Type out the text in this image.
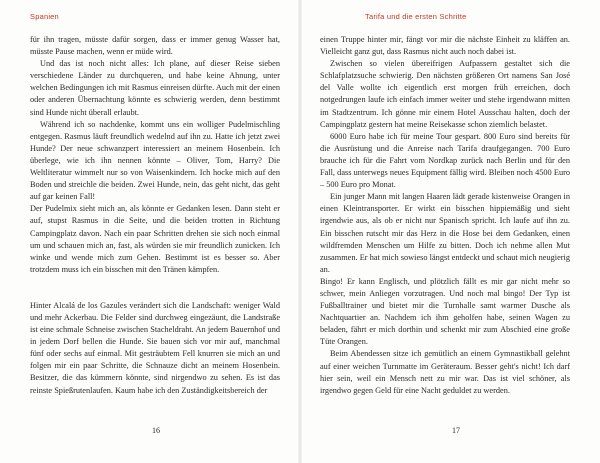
Spanien

für ihn tragen, müsste dafür sorgen, dass er immer genug Wasser hat, müsste Pause machen, wenn er müde wird.

Und das ist noch nicht alles: Ich plane, auf dieser Reise sieben verschiedene Länder zu durchqueren, und habe keine Ahnung, unter welchen Bedingungen ich mit Rasmus einreisen dürfte. Auch mit der einen oder anderen Übernachtung könnte es schwierig werden, denn bestimmt sind Hunde nicht überall erlaubt.

Während ich so nachdenke, kommt uns ein wolliger Pudelmischling entgegen. Rasmus läuft freundlich wedelnd auf ihn zu. Hatte ich jetzt zwei Hunde? Der neue schwanzpert interessiert an meinem Hosenbein. Ich überlege, wie ich ihn nennen könnte – Oliver, Tom, Harry? Die Weltliteratur wimmelt nur so von Waisenkindern. Ich hocke mich auf den Boden und streichle die beiden. Zwei Hunde, nein, das geht nicht, das geht auf gar keinen Fall!

Der Pudelmix sieht mich an, als könnte er Gedanken lesen. Dann steht er auf, stupst Rasmus in die Seite, und die beiden trotten in Richtung Campingplatz davon. Nach ein paar Schritten drehen sie sich noch einmal um und schauen mich an, fast, als würden sie mir freundlich zunicken. Ich winke und wende mich zum Gehen. Bestimmt ist es besser so. Aber trotzdem muss ich ein bisschen mit den Tränen kämpfen.

Hinter Alcalá de los Gazules verändert sich die Landschaft: weniger Wald und mehr Ackerbau. Die Felder sind durchweg eingezäunt, die Landstraße ist eine schmale Schneise zwischen Stacheldraht. An jedem Bauernhof und in jedem Dorf bellen die Hunde. Sie bauen sich vor mir auf, manchmal fünf oder sechs auf einmal. Mit gesträubtem Fell knurren sie mich an und folgen mir ein paar Schritte, die Schnauze dicht an meinem Hosenbein. Besitzer, die das kümmern könnte, sind nirgendwo zu sehen. Es ist das reinste Spießrutenlaufen. Kaum habe ich den Zuständigkeitsbereich der

16
Tarifa und die ersten Schritte

einen Truppe hinter mir, fängt vor mir die nächste Einheit zu kläffen an. Vielleicht ganz gut, dass Rasmus nicht auch noch dabei ist.

Zwischen so vielen übereifrigen Aufpassern gestaltet sich die Schlafplatzsuche schwierig. Den nächsten größeren Ort namens San José del Valle wollte ich eigentlich erst morgen früh erreichen, doch notgedrungen laufe ich einfach immer weiter und stehe irgendwann mitten im Stadtzentrum. Ich gönne mir einem Hotel Ausschau halten, doch der Campingplatz gestern hat meine Reisekasse schon ziemlich belastet.

6000 Euro habe ich für meine Tour gespart. 800 Euro sind bereits für die Ausrüstung und die Anreise nach Tarifa draufgegangen. 700 Euro brauche ich für die Fahrt vom Nordkap zurück nach Berlin und für den Fall, dass unterwegs neues Equipment fällig wird. Bleiben noch 4500 Euro – 500 Euro pro Monat.

Ein junger Mann mit langen Haaren lädt gerade kistenweise Orangen in einen Kleintransporter. Er wirkt ein bisschen hippiemäßig und sieht irgendwie aus, als ob er nicht nur Spanisch spricht. Ich laufe auf ihn zu. Ein bisschen rutscht mir das Herz in die Hose bei dem Gedanken, einen wildfremden Menschen um Hilfe zu bitten. Doch ich nehme allen Mut zusammen. Er hat mich sowieso längst entdeckt und schaut mich neugierig an.

Bingo! Er kann Englisch, und plötzlich fällt es mir gar nicht mehr so schwer, mein Anliegen vorzutragen. Und noch mal bingo! Der Typ ist Fußballtrainer und bietet mir die Turnhalle samt warmer Dusche als Nachtquartier an. Nachdem ich ihm geholfen habe, seinen Wagen zu beladen, fährt er mich dorthin und schenkt mir zum Abschied eine große Tüte Orangen.

Beim Abendessen sitze ich gemütlich an einem Gymnastikball gelehnt auf einer weichen Turnmatte im Geräteraum. Besser geht's nicht! Ich darf hier sein, weil ein Mensch nett zu mir war. Das ist viel schöner, als irgendwo gegen Geld für eine Nacht geduldet zu werden.

17
